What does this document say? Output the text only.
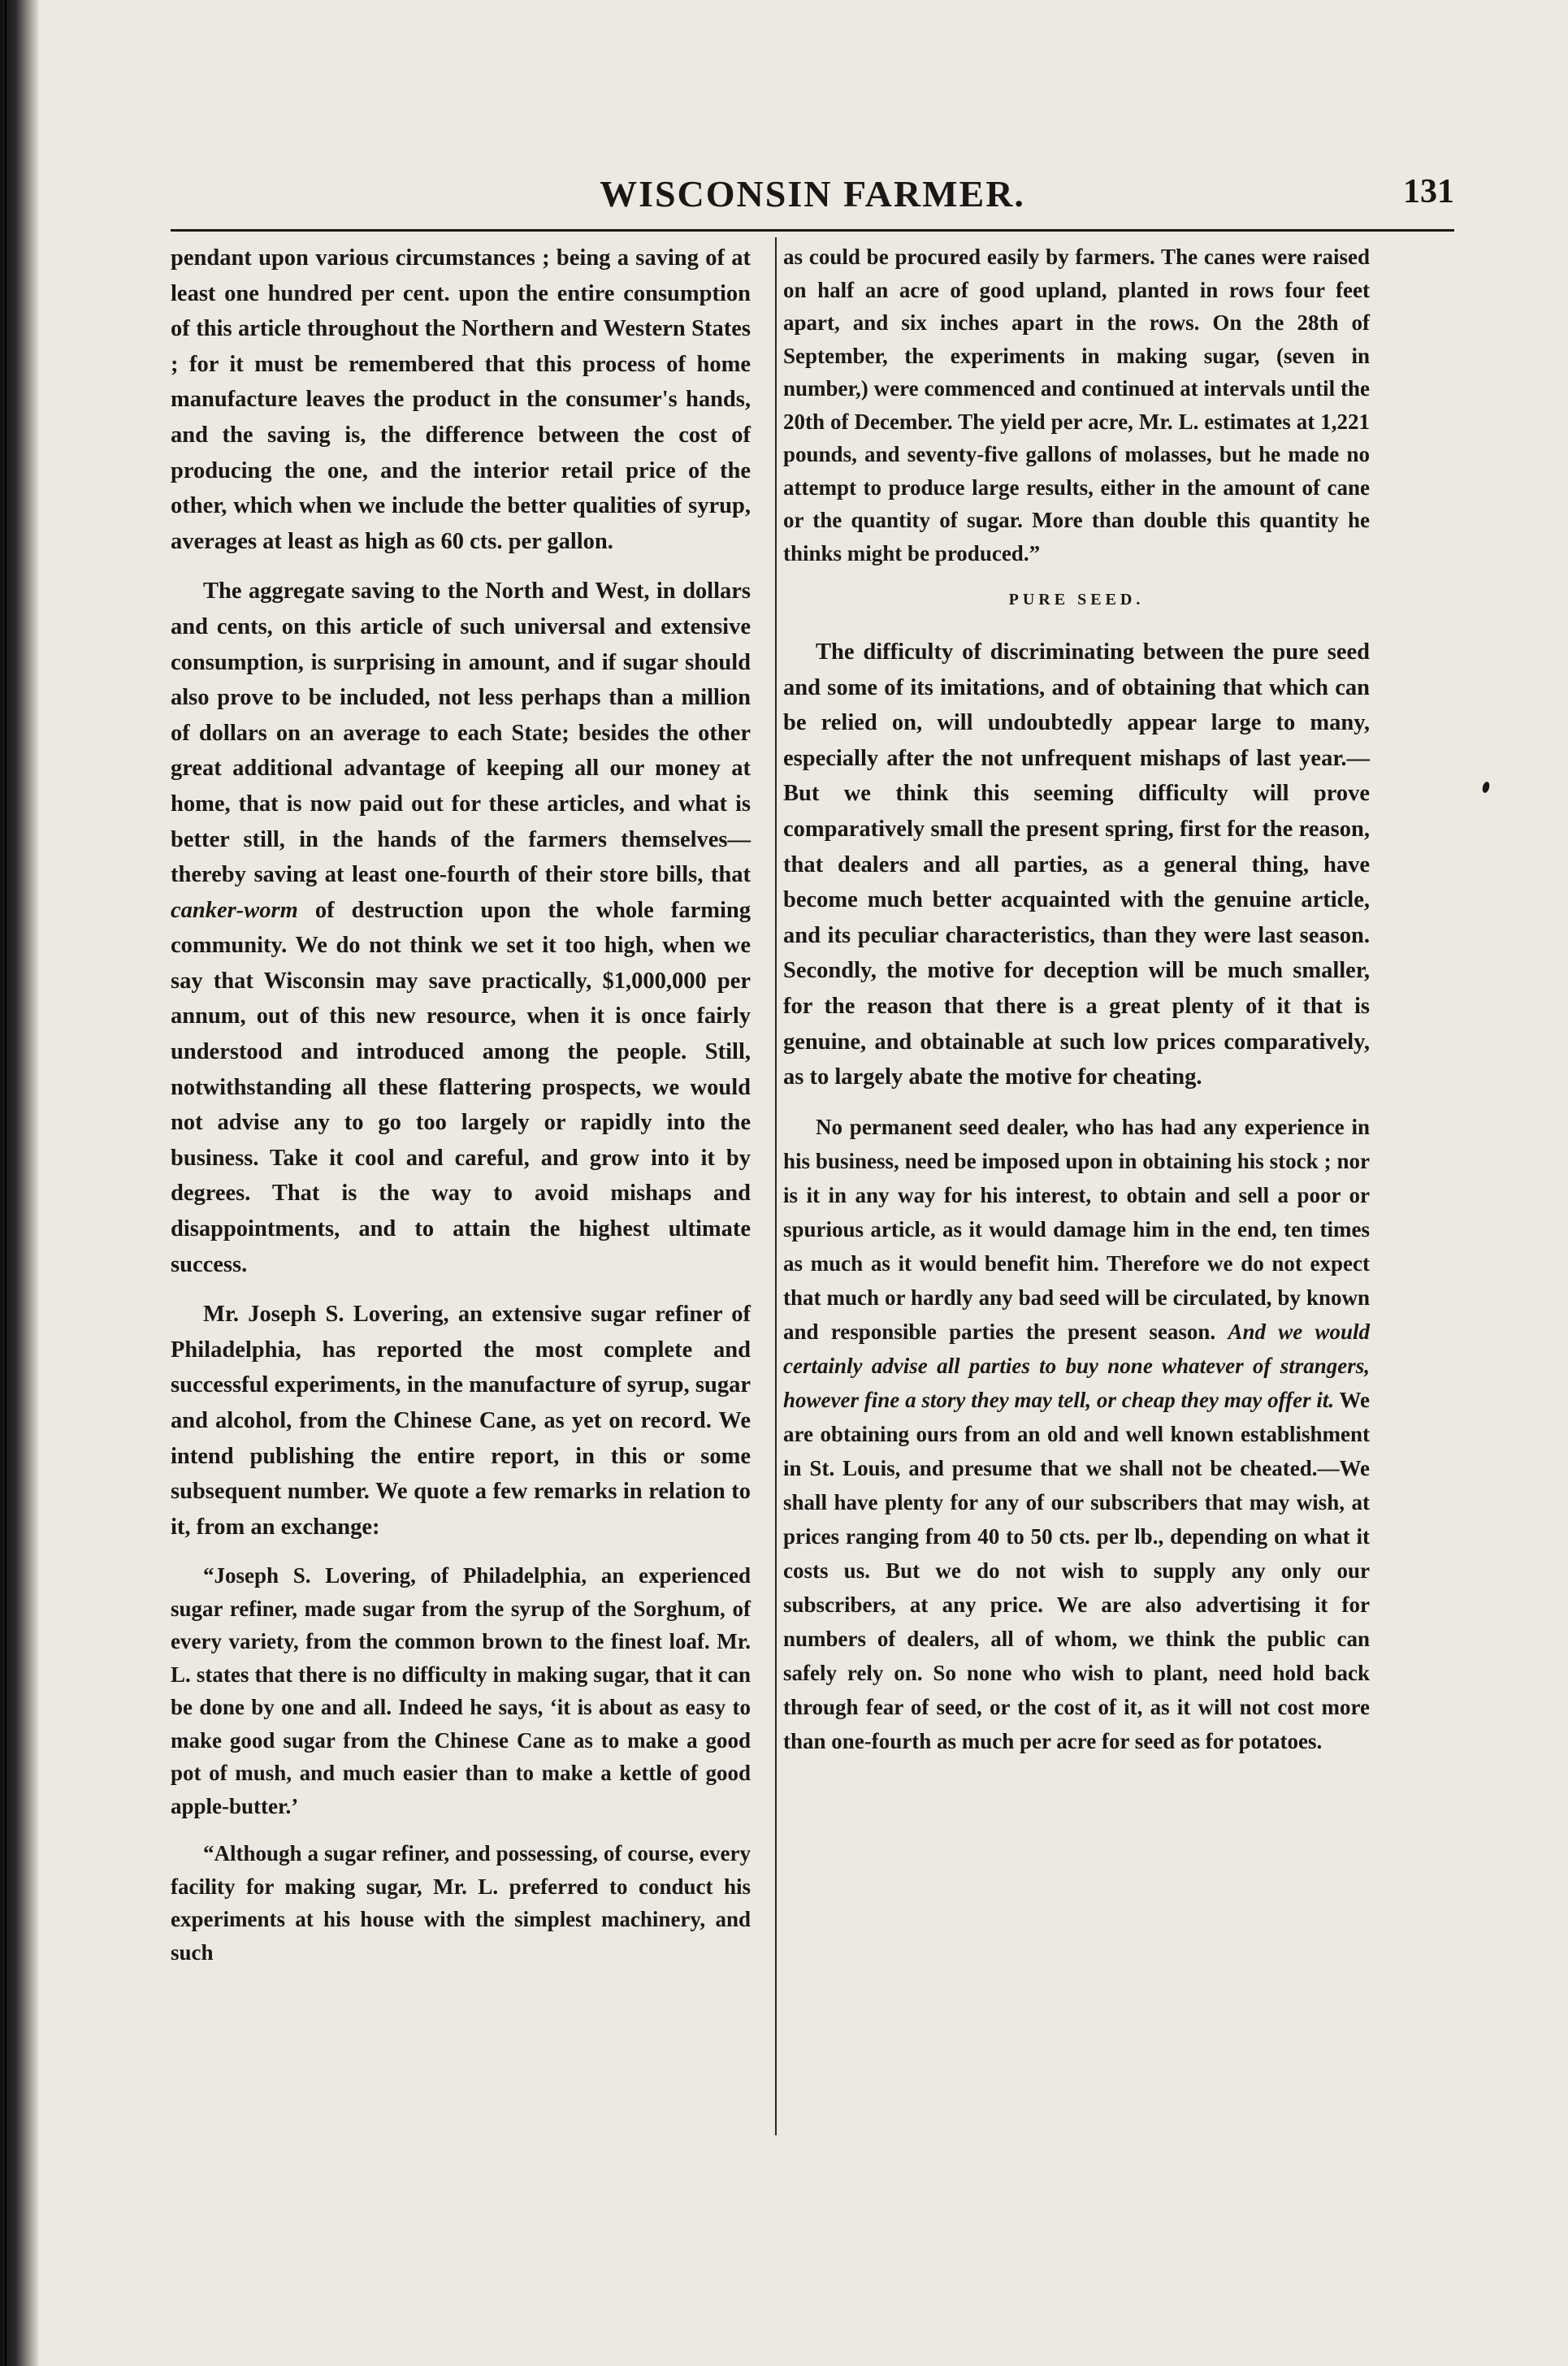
WISCONSIN FARMER.	131

pendant upon various circumstances ; being a saving of at least one hundred per cent. upon the entire consumption of this article throughout the Northern and Western States ; for it must be remembered that this process of home manufacture leaves the product in the consumer's hands, and the saving is, the difference between the cost of producing the one, and the interior retail price of the other, which when we include the better qualities of syrup, averages at least as high as 60 cts. per gallon.

The aggregate saving to the North and West, in dollars and cents, on this article of such universal and extensive consumption, is surprising in amount, and if sugar should also prove to be included, not less perhaps than a million of dollars on an average to each State; besides the other great additional advantage of keeping all our money at home, that is now paid out for these articles, and what is better still, in the hands of the farmers themselves—thereby saving at least one-fourth of their store bills, that canker-worm of destruction upon the whole farming community. We do not think we set it too high, when we say that Wisconsin may save practically, $1,000,000 per annum, out of this new resource, when it is once fairly understood and introduced among the people. Still, notwithstanding all these flattering prospects, we would not advise any to go too largely or rapidly into the business. Take it cool and careful, and grow into it by degrees. That is the way to avoid mishaps and disappointments, and to attain the highest ultimate success.

Mr. Joseph S. Lovering, an extensive sugar refiner of Philadelphia, has reported the most complete and successful experiments, in the manufacture of syrup, sugar and alcohol, from the Chinese Cane, as yet on record. We intend publishing the entire report, in this or some subsequent number. We quote a few remarks in relation to it, from an exchange:

“Joseph S. Lovering, of Philadelphia, an experienced sugar refiner, made sugar from the syrup of the Sorghum, of every variety, from the common brown to the finest loaf. Mr. L. states that there is no difficulty in making sugar, that it can be done by one and all. Indeed he says, ‘it is about as easy to make good sugar from the Chinese Cane as to make a good pot of mush, and much easier than to make a kettle of good apple-butter.’

“Although a sugar refiner, and possessing, of course, every facility for making sugar, Mr. L. preferred to conduct his experiments at his house with the simplest machinery, and such

as could be procured easily by farmers. The canes were raised on half an acre of good upland, planted in rows four feet apart, and six inches apart in the rows. On the 28th of September, the experiments in making sugar, (seven in number,) were commenced and continued at intervals until the 20th of December. The yield per acre, Mr. L. estimates at 1,221 pounds, and seventy-five gallons of molasses, but he made no attempt to produce large results, either in the amount of cane or the quantity of sugar. More than double this quantity he thinks might be produced.”

PURE SEED.

The difficulty of discriminating between the pure seed and some of its imitations, and of obtaining that which can be relied on, will undoubtedly appear large to many, especially after the not unfrequent mishaps of last year.—But we think this seeming difficulty will prove comparatively small the present spring, first for the reason, that dealers and all parties, as a general thing, have become much better acquainted with the genuine article, and its peculiar characteristics, than they were last season. Secondly, the motive for deception will be much smaller, for the reason that there is a great plenty of it that is genuine, and obtainable at such low prices comparatively, as to largely abate the motive for cheating.

No permanent seed dealer, who has had any experience in his business, need be imposed upon in obtaining his stock ; nor is it in any way for his interest, to obtain and sell a poor or spurious article, as it would damage him in the end, ten times as much as it would benefit him. Therefore we do not expect that much or hardly any bad seed will be circulated, by known and responsible parties the present season. And we would certainly advise all parties to buy none whatever of strangers, however fine a story they may tell, or cheap they may offer it. We are obtaining ours from an old and well known establishment in St. Louis, and presume that we shall not be cheated.—We shall have plenty for any of our subscribers that may wish, at prices ranging from 40 to 50 cts. per lb., depending on what it costs us. But we do not wish to supply any only our subscribers, at any price. We are also advertising it for numbers of dealers, all of whom, we think the public can safely rely on. So none who wish to plant, need hold back through fear of seed, or the cost of it, as it will not cost more than one-fourth as much per acre for seed as for potatoes.
